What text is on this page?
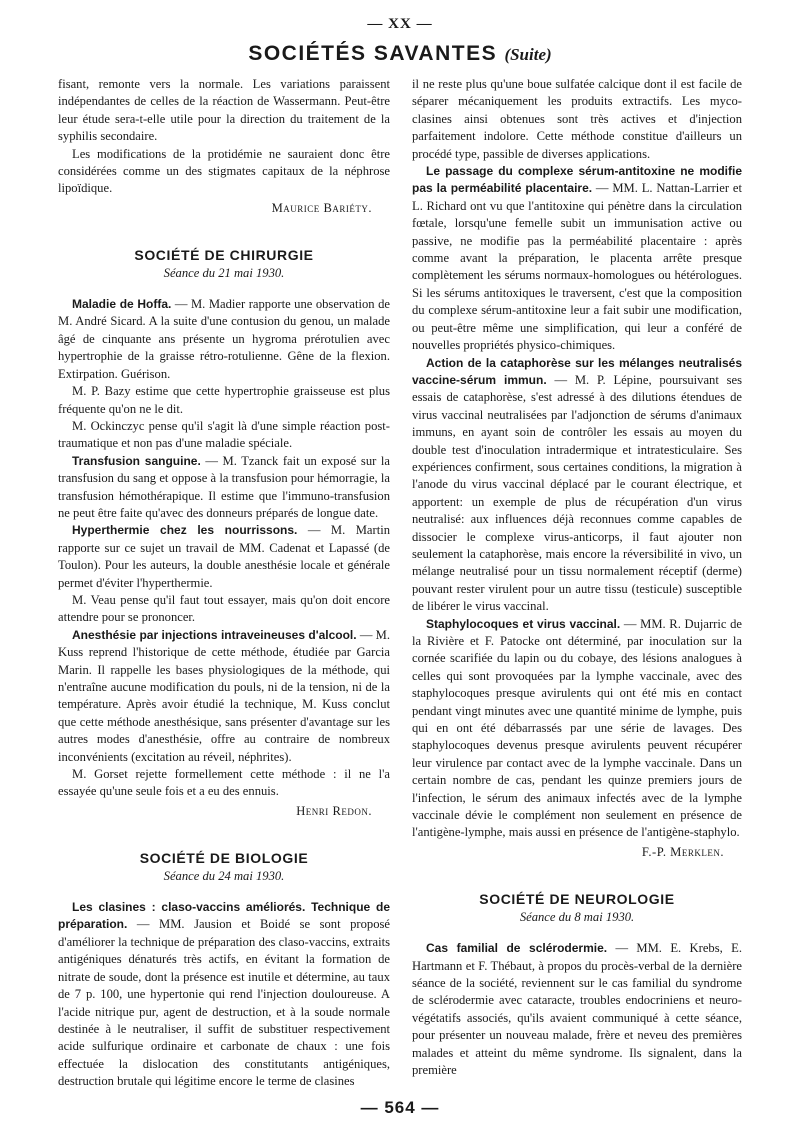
— XX —
SOCIÉTÉS SAVANTES (Suite)

fisant, remonte vers la normale. Les variations paraissent indépendantes de celles de la réaction de Wassermann. Peut-être leur étude sera-t-elle utile pour la direction du traitement de la syphilis secondaire.

Les modifications de la protidémie ne sauraient donc être considérées comme un des stigmates capitaux de la néphrose lipoïdique.

Maurice Bariéty.
SOCIÉTÉ DE CHIRURGIE
Séance du 21 mai 1930.

Maladie de Hoffa. — M. Madier rapporte une observation de M. André Sicard. A la suite d'une contusion du genou, un malade âgé de cinquante ans présente un hygroma prérotulien avec hypertrophie de la graisse rétro-rotulienne. Gêne de la flexion. Extirpation. Guérison.

M. P. Bazy estime que cette hypertrophie graisseuse est plus fréquente qu'on ne le dit.

M. Ockinczyc pense qu'il s'agit là d'une simple réaction post-traumatique et non pas d'une maladie spéciale.

Transfusion sanguine. — M. Tzanck fait un exposé sur la transfusion du sang et oppose à la transfusion pour hémorragie, la transfusion hémothérapique. Il estime que l'immuno-transfusion ne peut être faite qu'avec des donneurs préparés de longue date.

Hyperthermie chez les nourrissons. — M. Martin rapporte sur ce sujet un travail de MM. Cadenat et Lapassé (de Toulon). Pour les auteurs, la double anesthésie locale et générale permet d'éviter l'hyperthermie.

M. Veau pense qu'il faut tout essayer, mais qu'on doit encore attendre pour se prononcer.

Anesthésie par injections intraveineuses d'alcool. — M. Kuss reprend l'historique de cette méthode, étudiée par Garcia Marin. Il rappelle les bases physiologiques de la méthode, qui n'entraîne aucune modification du pouls, ni de la tension, ni de la température. Après avoir étudié la technique, M. Kuss conclut que cette méthode anesthésique, sans présenter d'avantage sur les autres modes d'anesthésie, offre au contraire de nombreux inconvénients (excitation au réveil, néphrites).

M. Gorset rejette formellement cette méthode : il ne l'a essayée qu'une seule fois et a eu des ennuis.

Henri Redon.
SOCIÉTÉ DE BIOLOGIE
Séance du 24 mai 1930.

Les clasines : claso-vaccins améliorés. Technique de préparation. — MM. Jausion et Boidé se sont proposé d'améliorer la technique de préparation des claso-vaccins, extraits antigéniques dénaturés très actifs, en évitant la formation de nitrate de soude, dont la présence est inutile et détermine, au taux de 7 p. 100, une hypertonie qui rend l'injection douloureuse. A l'acide nitrique pur, agent de destruction, et à la soude normale destinée à le neutraliser, il suffit de substituer respectivement acide sulfurique ordinaire et carbonate de chaux : une fois effectuée la dislocation des constitutants antigéniques, destruction brutale qui légitime encore le terme de clasines

il ne reste plus qu'une boue sulfatée calcique dont il est facile de séparer mécaniquement les produits extractifs. Les myco-clasines ainsi obtenues sont très actives et d'injection parfaitement indolore. Cette méthode constitue d'ailleurs un procédé type, passible de diverses applications.

Le passage du complexe sérum-antitoxine ne modifie pas la perméabilité placentaire. — MM. L. Nattan-Larrier et L. Richard ont vu que l'antitoxine qui pénètre dans la circulation fœtale, lorsqu'une femelle subit un immunisation active ou passive, ne modifie pas la perméabilité placentaire : après comme avant la préparation, le placenta arrête presque complètement les sérums normaux-homologues ou hétérologues. Si les sérums antitoxiques le traversent, c'est que la composition du complexe sérum-antitoxine leur a fait subir une modification, ou peut-être même une simplification, qui leur a conféré de nouvelles propriétés physico-chimiques.

Action de la cataphorèse sur les mélanges neutralisés vaccine-sérum immun. — M. P. Lépine, poursuivant ses essais de cataphorèse, s'est adressé à des dilutions étendues de virus vaccinal neutralisées par l'adjonction de sérums d'animaux immuns, en ayant soin de contrôler les essais au moyen du double test d'inoculation intradermique et intratesticulaire. Ses expériences confirment, sous certaines conditions, la migration à l'anode du virus vaccinal déplacé par le courant électrique, et apportent: un exemple de plus de récupération d'un virus neutralisé: aux influences déjà reconnues comme capables de dissocier le complexe virus-anticorps, il faut ajouter non seulement la cataphorèse, mais encore la réversibilité in vivo, un mélange neutralisé pour un tissu normalement réceptif (derme) pouvant rester virulent pour un autre tissu (testicule) susceptible de libérer le virus vaccinal.

Staphylocoques et virus vaccinal. — MM. R. Dujarric de la Rivière et F. Patocke ont déterminé, par inoculation sur la cornée scarifiée du lapin ou du cobaye, des lésions analogues à celles qui sont provoquées par la lymphe vaccinale, avec des staphylocoques presque avirulents qui ont été mis en contact pendant vingt minutes avec une quantité minime de lymphe, puis qui en ont été débarrassés par une série de lavages. Des staphylocoques devenus presque avirulents peuvent récupérer leur virulence par contact avec de la lymphe vaccinale. Dans un certain nombre de cas, pendant les quinze premiers jours de l'infection, le sérum des animaux infectés avec de la lymphe vaccinale dévie le complément non seulement en présence de l'antigène-lymphe, mais aussi en présence de l'antigène-staphylo.

F.-P. Merklen.
SOCIÉTÉ DE NEUROLOGIE
Séance du 8 mai 1930.

Cas familial de sclérodermie. — MM. E. Krebs, E. Hartmann et F. Thébaut, à propos du procès-verbal de la dernière séance de la société, reviennent sur le cas familial du syndrome de sclérodermie avec cataracte, troubles endocriniens et neuro-végétatifs associés, qu'ils avaient communiqué à cette séance, pour présenter un nouveau malade, frère et neveu des premières malades et atteint du même syndrome. Ils signalent, dans la première

— 564 —
